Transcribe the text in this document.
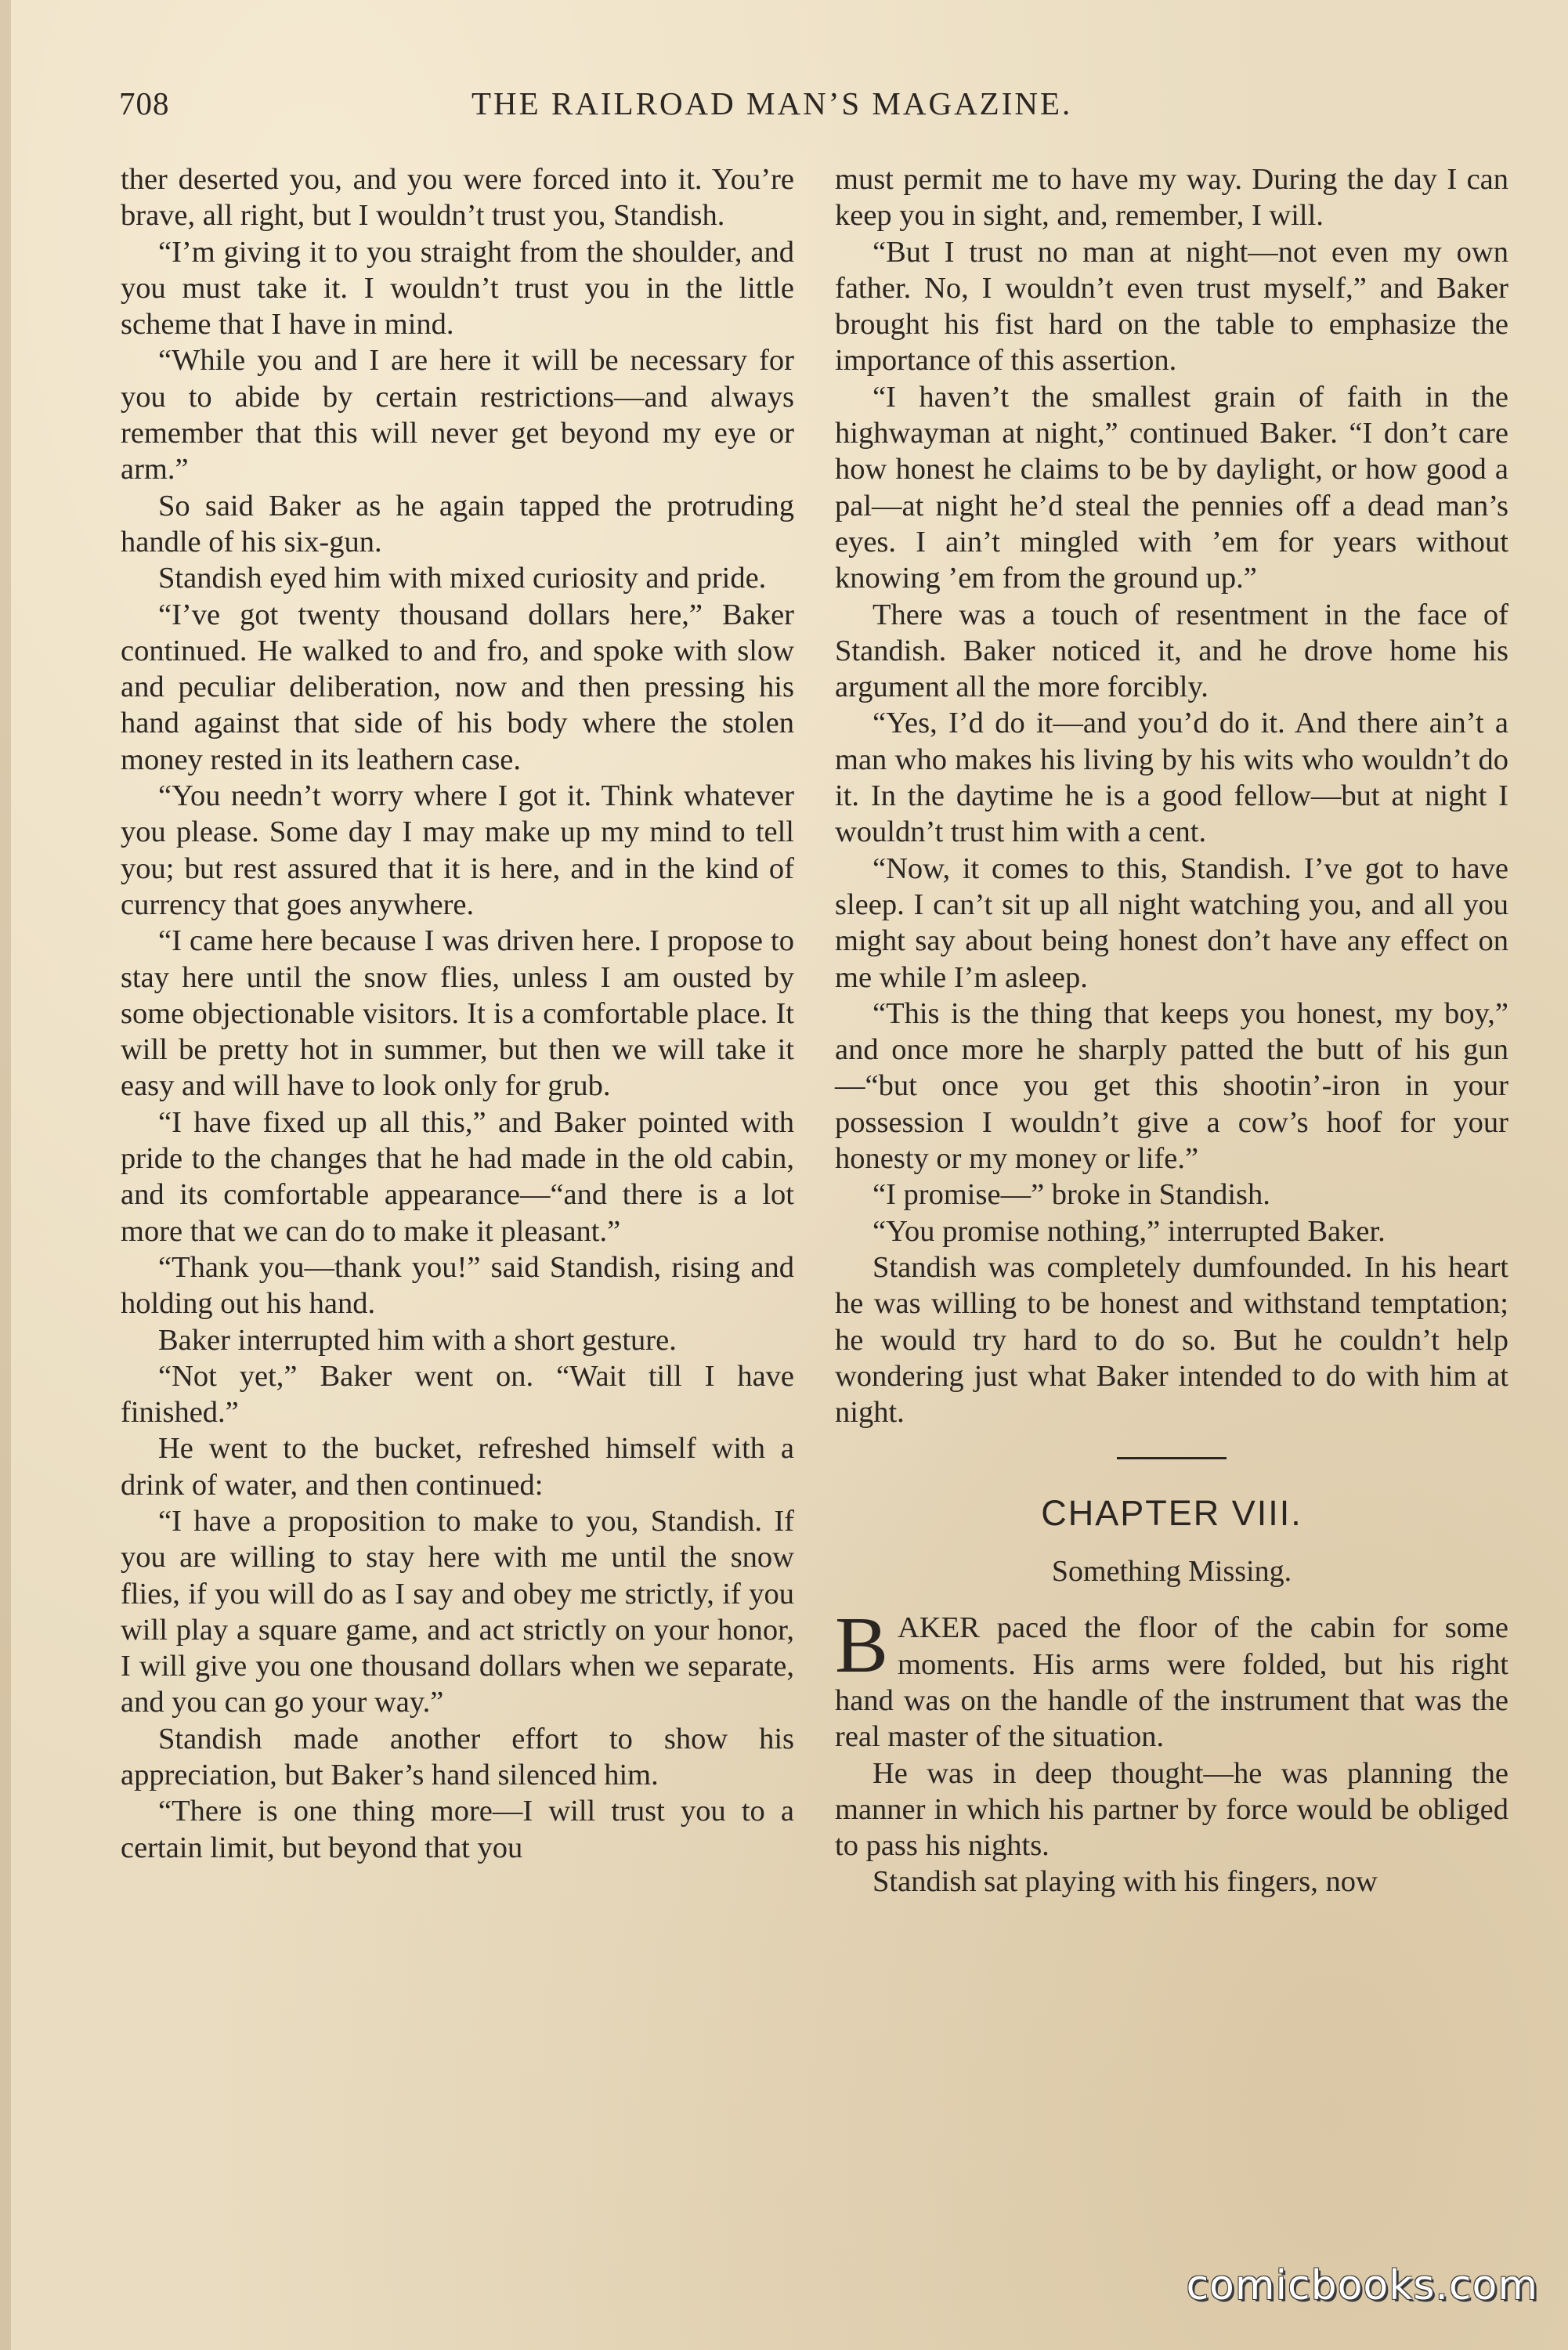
708	THE RAILROAD MAN’S MAGAZINE.

ther deserted you, and you were forced into it. You’re brave, all right, but I wouldn’t trust you, Standish.

“I’m giving it to you straight from the shoulder, and you must take it. I wouldn’t trust you in the little scheme that I have in mind.

“While you and I are here it will be necessary for you to abide by certain restrictions—and always remember that this will never get beyond my eye or arm.”

So said Baker as he again tapped the protruding handle of his six-gun.

Standish eyed him with mixed curiosity and pride.

“I’ve got twenty thousand dollars here,” Baker continued. He walked to and fro, and spoke with slow and peculiar deliberation, now and then pressing his hand against that side of his body where the stolen money rested in its leathern case.

“You needn’t worry where I got it. Think whatever you please. Some day I may make up my mind to tell you; but rest assured that it is here, and in the kind of currency that goes anywhere.

“I came here because I was driven here. I propose to stay here until the snow flies, unless I am ousted by some objectionable visitors. It is a comfortable place. It will be pretty hot in summer, but then we will take it easy and will have to look only for grub.

“I have fixed up all this,” and Baker pointed with pride to the changes that he had made in the old cabin, and its comfortable appearance—“and there is a lot more that we can do to make it pleasant.”

“Thank you—thank you!” said Standish, rising and holding out his hand.

Baker interrupted him with a short gesture.

“Not yet,” Baker went on. “Wait till I have finished.”

He went to the bucket, refreshed himself with a drink of water, and then continued:

“I have a proposition to make to you, Standish. If you are willing to stay here with me until the snow flies, if you will do as I say and obey me strictly, if you will play a square game, and act strictly on your honor, I will give you one thousand dollars when we separate, and you can go your way.”

Standish made another effort to show his appreciation, but Baker’s hand silenced him.

“There is one thing more—I will trust you to a certain limit, but beyond that you

must permit me to have my way. During the day I can keep you in sight, and, remember, I will.

“But I trust no man at night—not even my own father. No, I wouldn’t even trust myself,” and Baker brought his fist hard on the table to emphasize the importance of this assertion.

“I haven’t the smallest grain of faith in the highwayman at night,” continued Baker. “I don’t care how honest he claims to be by daylight, or how good a pal—at night he’d steal the pennies off a dead man’s eyes. I ain’t mingled with ’em for years without knowing ’em from the ground up.”

There was a touch of resentment in the face of Standish. Baker noticed it, and he drove home his argument all the more forcibly.

“Yes, I’d do it—and you’d do it. And there ain’t a man who makes his living by his wits who wouldn’t do it. In the daytime he is a good fellow—but at night I wouldn’t trust him with a cent.

“Now, it comes to this, Standish. I’ve got to have sleep. I can’t sit up all night watching you, and all you might say about being honest don’t have any effect on me while I’m asleep.

“This is the thing that keeps you honest, my boy,” and once more he sharply patted the butt of his gun—“but once you get this shootin’-iron in your possession I wouldn’t give a cow’s hoof for your honesty or my money or life.”

“I promise—” broke in Standish.

“You promise nothing,” interrupted Baker.

Standish was completely dumfounded. In his heart he was willing to be honest and withstand temptation; he would try hard to do so. But he couldn’t help wondering just what Baker intended to do with him at night.

CHAPTER VIII.
Something Missing.

BAKER paced the floor of the cabin for some moments. His arms were folded, but his right hand was on the handle of the instrument that was the real master of the situation.

He was in deep thought—he was planning the manner in which his partner by force would be obliged to pass his nights.

Standish sat playing with his fingers, now

comicbooks.com
